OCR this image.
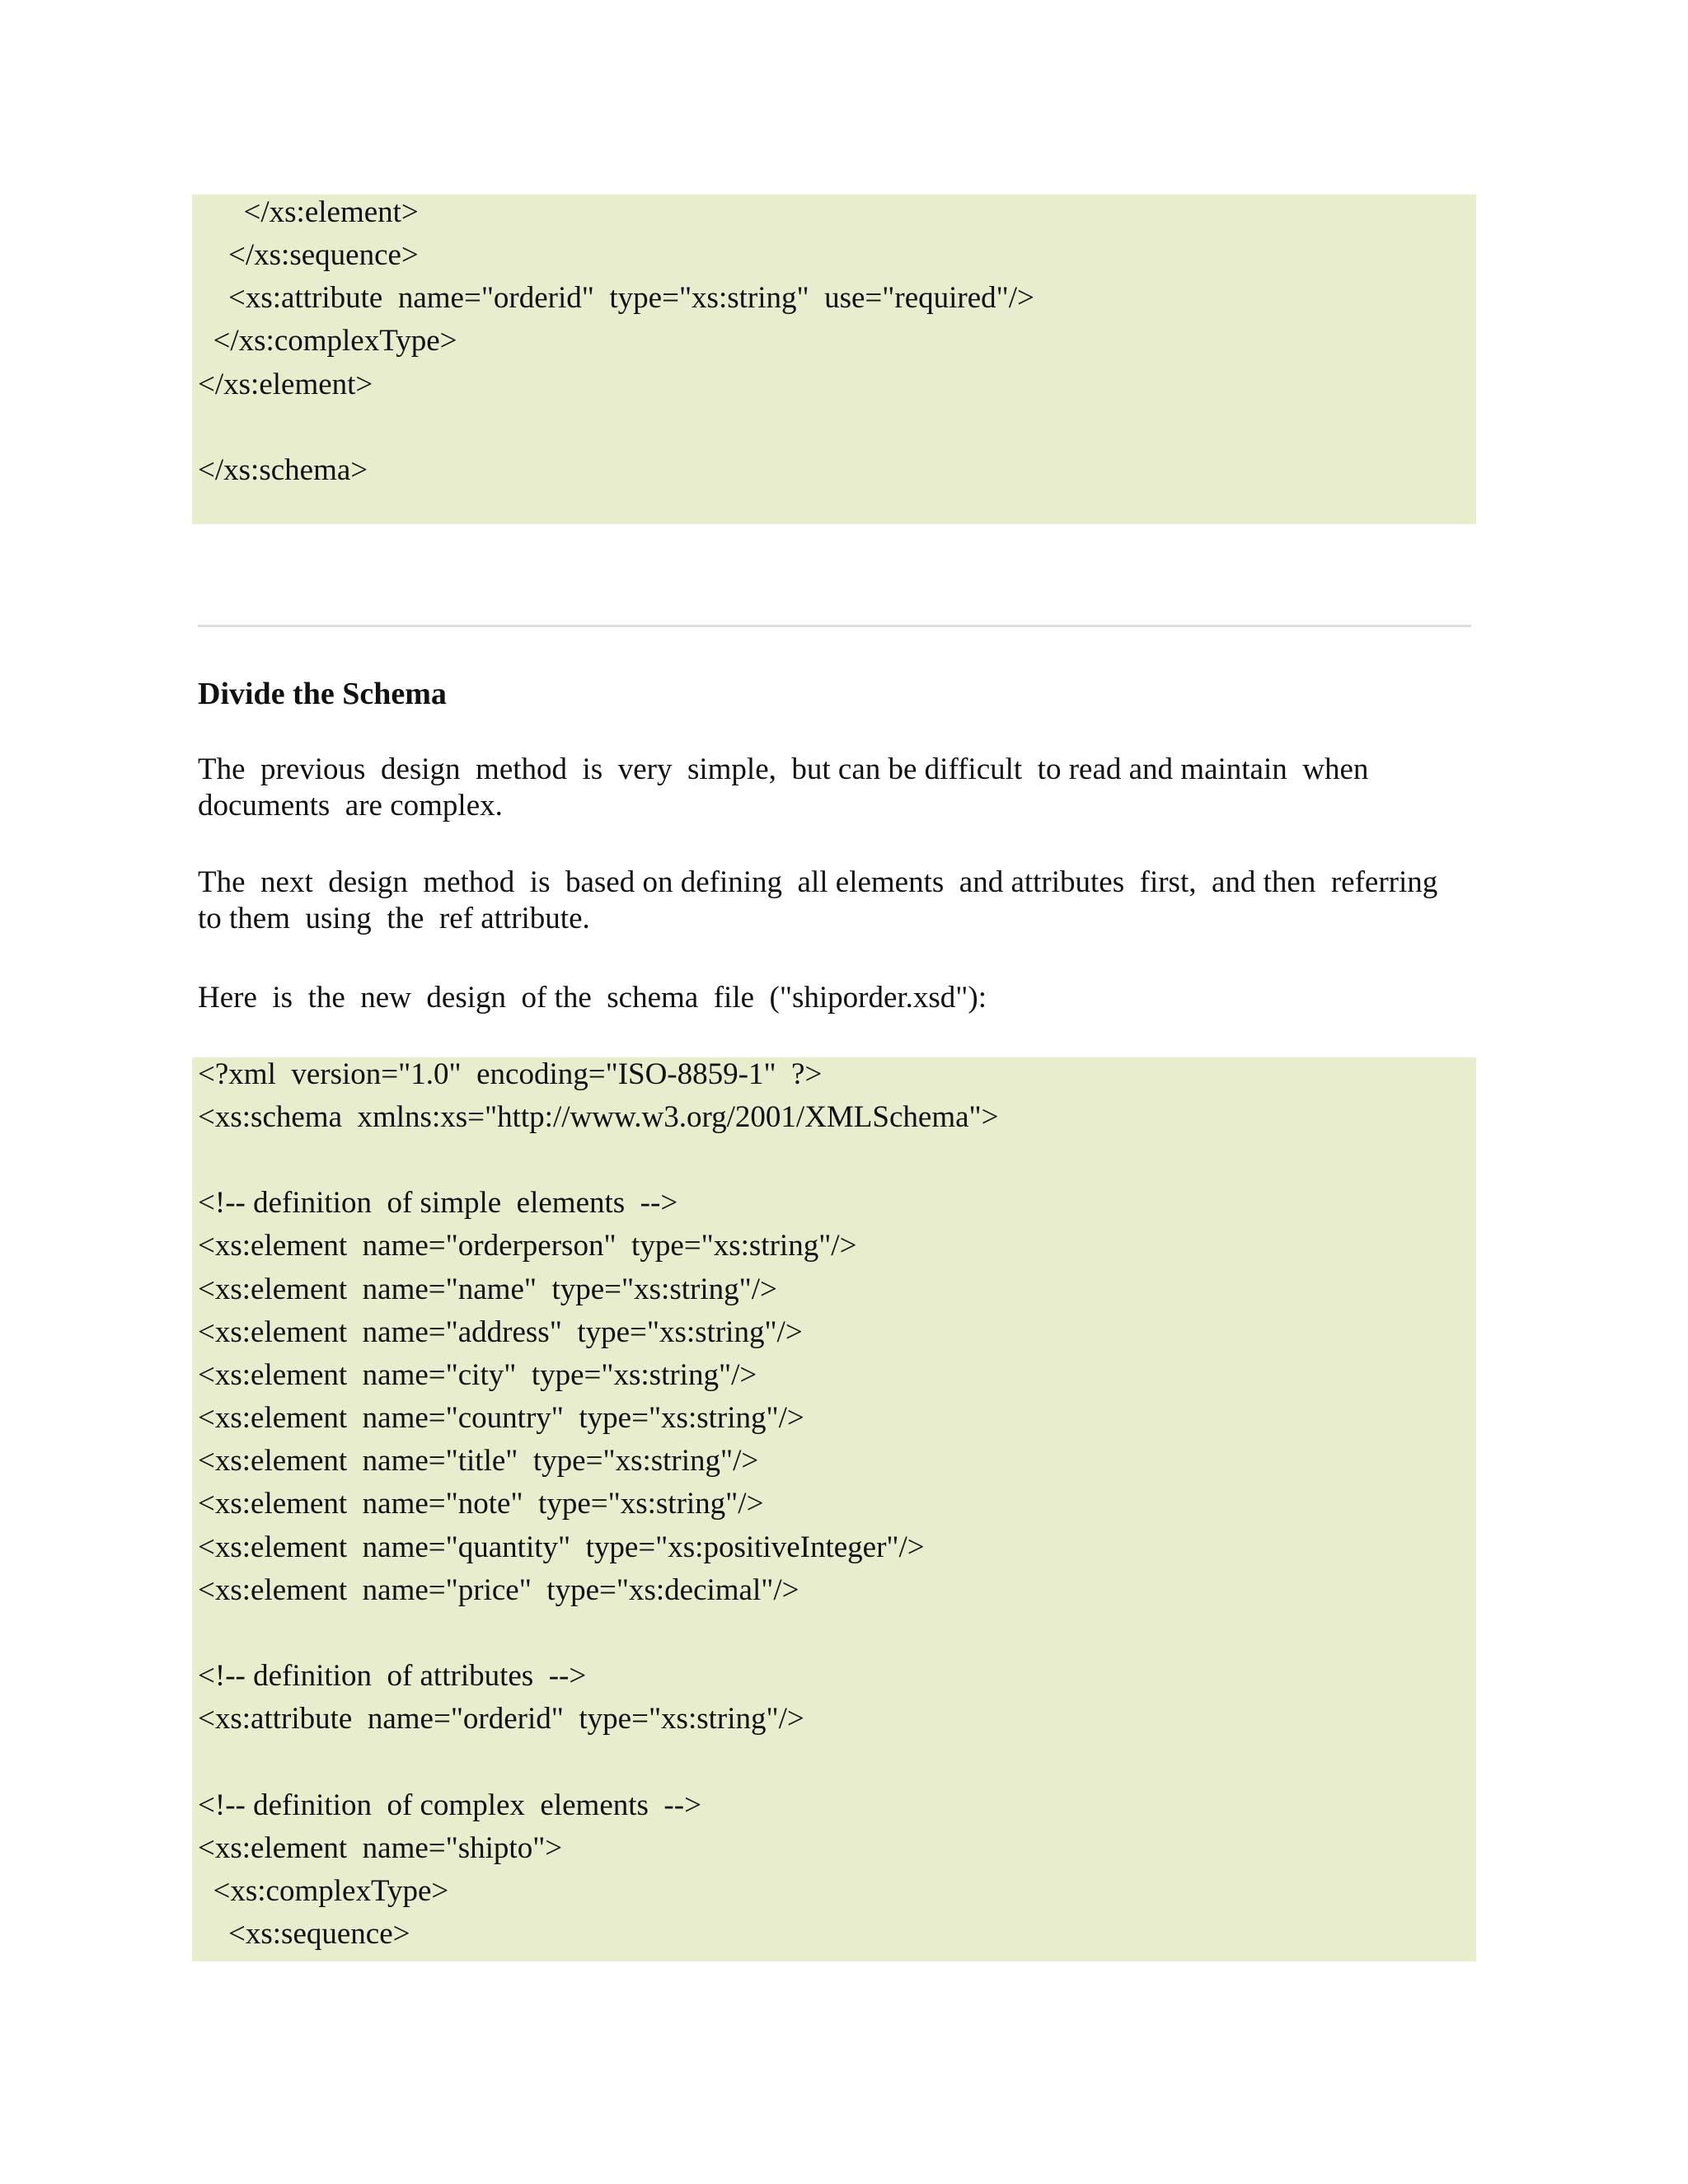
</xs:element>
</xs:sequence>
<xs:attribute  name="orderid"  type="xs:string"  use="required"/>
</xs:complexType>
</xs:element>
</xs:schema>
Divide the Schema
The  previous  design  method  is  very  simple,  but can be difficult  to read and maintain  when
documents  are complex.
The  next  design  method  is  based on defining  all elements  and attributes  first,  and then  referring
to them  using  the  ref attribute.
Here  is  the  new  design  of the  schema  file  ("shiporder.xsd"):
<?xml  version="1.0"  encoding="ISO-8859-1"  ?>
<xs:schema  xmlns:xs="http://www.w3.org/2001/XMLSchema">
<!-- definition  of simple  elements  -->
<xs:element  name="orderperson"  type="xs:string"/>
<xs:element  name="name"  type="xs:string"/>
<xs:element  name="address"  type="xs:string"/>
<xs:element  name="city"  type="xs:string"/>
<xs:element  name="country"  type="xs:string"/>
<xs:element  name="title"  type="xs:string"/>
<xs:element  name="note"  type="xs:string"/>
<xs:element  name="quantity"  type="xs:positiveInteger"/>
<xs:element  name="price"  type="xs:decimal"/>
<!-- definition  of attributes  -->
<xs:attribute  name="orderid"  type="xs:string"/>
<!-- definition  of complex  elements  -->
<xs:element  name="shipto">
<xs:complexType>
<xs:sequence>
